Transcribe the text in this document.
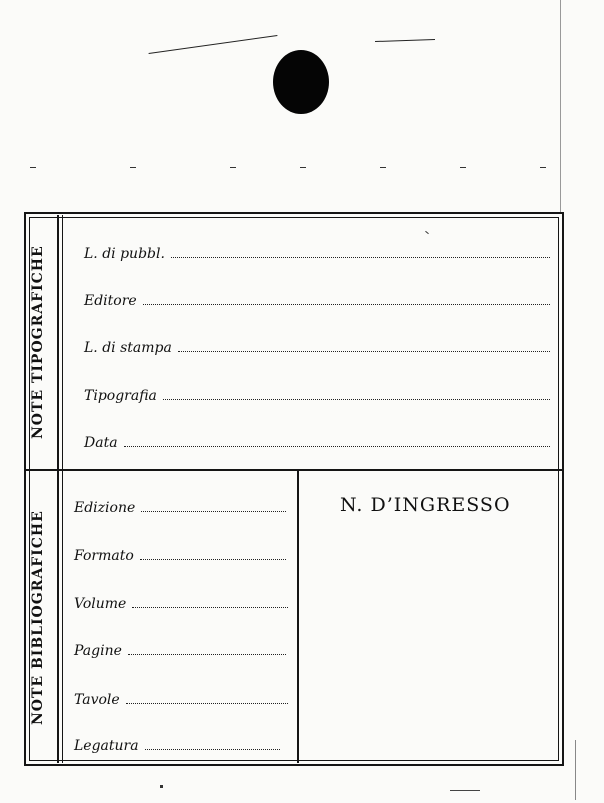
NOTE TIPOGRAFICHE
NOTE BIBLIOGRAFICHE
L. di pubbl.
Editore
L. di stampa
Tipografia
Data
Edizione
Formato
Volume
Pagine
Tavole
Legatura
N. D’INGRESSO
